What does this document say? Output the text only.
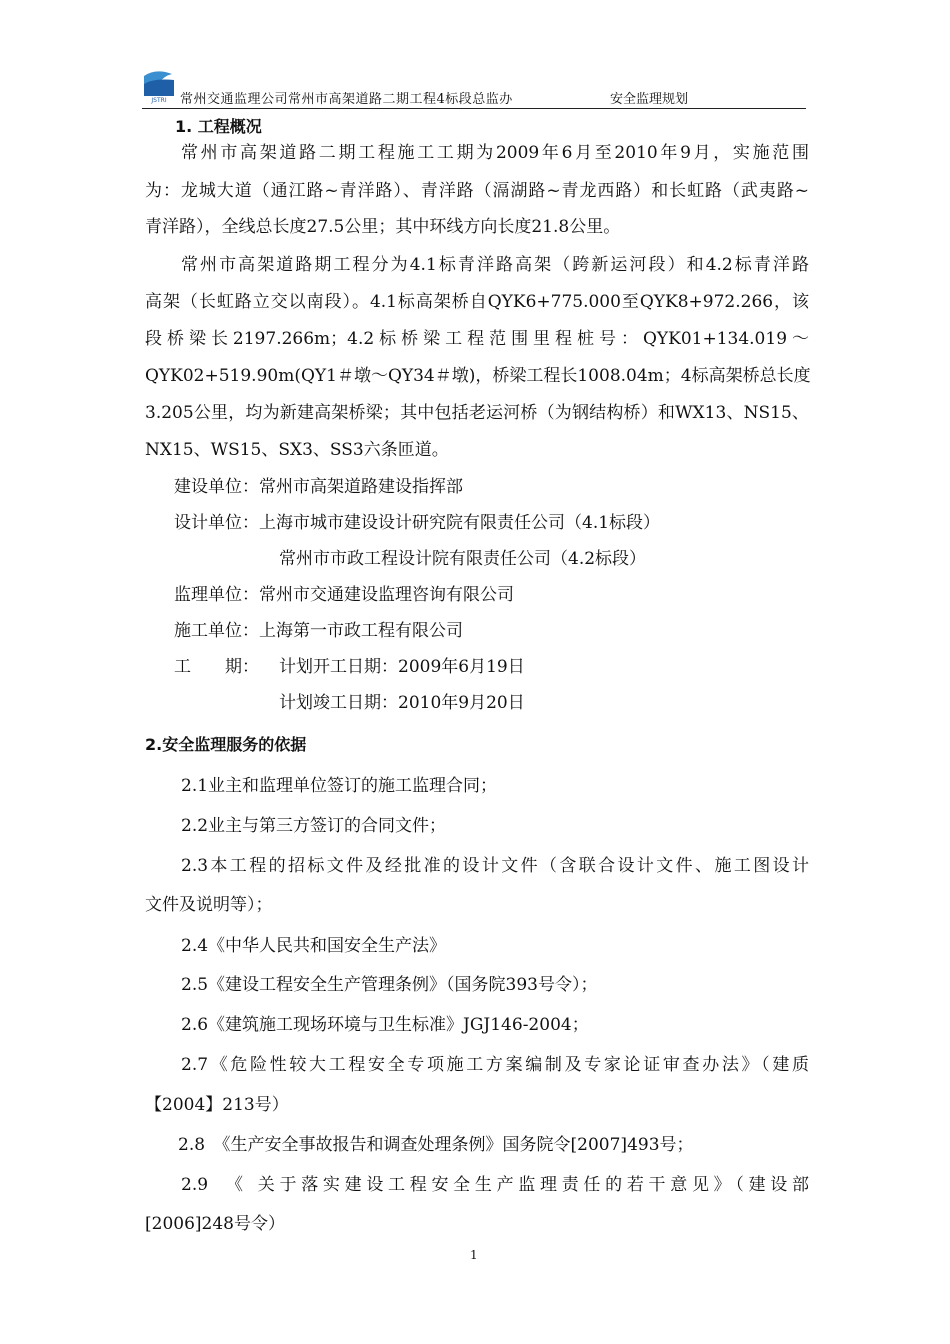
JSTRI 常州交通监理公司常州市高架道路二期工程4标段总监办	安全监理规划
1. 工程概况
常州市高架道路二期工程施工工期为2009年6月至2010年9月，实施范围
为：龙城大道（通江路~青洋路）、青洋路（滆湖路~青龙西路）和长虹路（武夷路~
青洋路），全线总长度27.5公里；其中环线方向长度21.8公里。
常州市高架道路期工程分为4.1标青洋路高架（跨新运河段）和4.2标青洋路
高架（长虹路立交以南段）。4.1标高架桥自QYK6+775.000至QYK8+972.266，该
段桥梁长2197.266m；4.2标桥梁工程范围里程桩号：QYK01+134.019～
QYK02+519.90m(QY1＃墩～QY34＃墩)，桥梁工程长1008.04m；4标高架桥总长度
3.205公里，均为新建高架桥梁；其中包括老运河桥（为钢结构桥）和WX13、NS15、
NX15、WS15、SX3、SS3六条匝道。
建设单位：常州市高架道路建设指挥部
设计单位：上海市城市建设设计研究院有限责任公司（4.1标段）
常州市市政工程设计院有限责任公司（4.2标段）
监理单位：常州市交通建设监理咨询有限公司
施工单位：上海第一市政工程有限公司
工　　期：	计划开工日期：2009年6月19日
计划竣工日期：2010年9月20日
2.安全监理服务的依据
2.1业主和监理单位签订的施工监理合同；
2.2业主与第三方签订的合同文件；
2.3本工程的招标文件及经批准的设计文件（含联合设计文件、施工图设计
文件及说明等）；
2.4《中华人民共和国安全生产法》
2.5《建设工程安全生产管理条例》（国务院393号令）；
2.6《建筑施工现场环境与卫生标准》JGJ146-2004；
2.7《危险性较大工程安全专项施工方案编制及专家论证审查办法》（建质
【2004】213号）
2.8　《生产安全事故报告和调查处理条例》国务院令[2007]493号；
2.9　《 关于落实建设工程安全生产监理责任的若干意见》（建设部
[2006]248号令）
1
